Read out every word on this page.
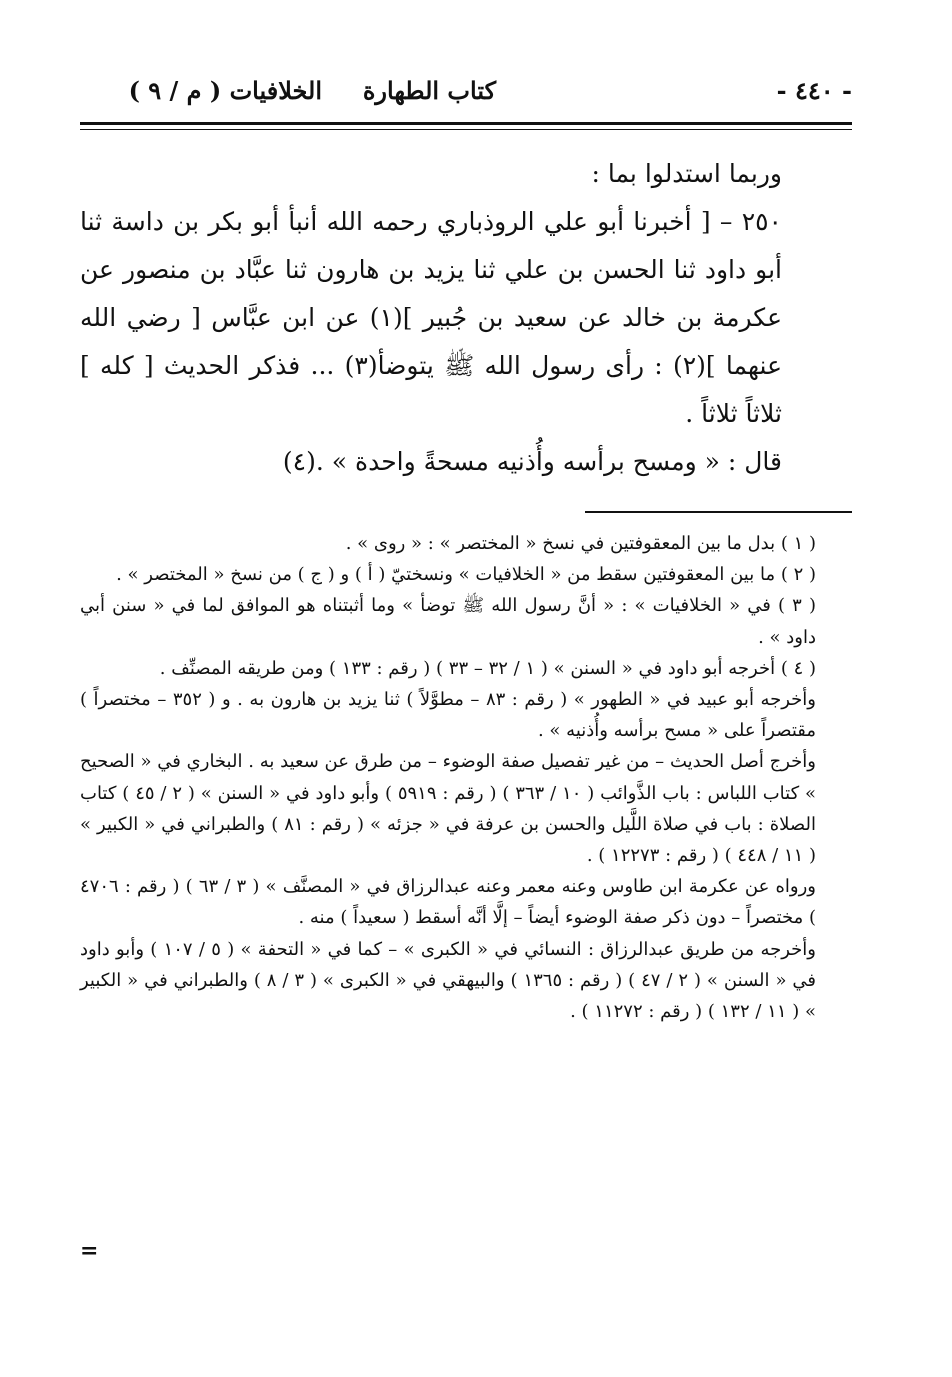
- ٤٤٠ -
كتاب الطهارة
الخلافيات ( م / ٩ )

وربما استدلوا بما :

٢٥٠ – [ أخبرنا أبو علي الروذباري رحمه الله أنبأ أبو بكر بن داسة ثنا أبو داود ثنا الحسن بن علي ثنا يزيد بن هارون ثنا عبَّاد بن منصور عن عكرمة بن خالد عن سعيد بن جُبير ](١) عن ابن عبَّاس [ رضي الله عنهما ](٢) : رأى رسول الله ﷺ يتوضأ(٣) ... فذكر الحديث [ كله ] ثلاثاً ثلاثاً .

قال : « ومسح برأسه وأُذنيه مسحةً واحدة » .(٤)

( ١ ) بدل ما بين المعقوفتين في نسخ « المختصر » : « روى » .

( ٢ ) ما بين المعقوفتين سقط من « الخلافيات » ونسختيّ ( أ ) و ( ج ) من نسخ « المختصر » .

( ٣ ) في « الخلافيات » : « أنَّ رسول الله ﷺ توضأ » وما أثبتناه هو الموافق لما في « سنن أبي داود » .

( ٤ ) أخرجه أبو داود في « السنن » ( ١ / ٣٢ – ٣٣ ) ( رقم : ١٣٣ ) ومن طريقه المصنِّف .

وأخرجه أبو عبيد في « الطهور » ( رقم : ٨٣ – مطوَّلاً ) ثنا يزيد بن هارون به . و ( ٣٥٢ – مختصراً ) مقتصراً على « مسح برأسه وأُذنيه » .

وأخرج أصل الحديث – من غير تفصيل صفة الوضوء – من طرق عن سعيد به . البخاري في « الصحيح » كتاب اللباس : باب الذَّوائب ( ١٠ / ٣٦٣ ) ( رقم : ٥٩١٩ ) وأبو داود في « السنن » ( ٢ / ٤٥ ) كتاب الصلاة : باب في صلاة اللَّيل والحسن بن عرفة في « جزئه » ( رقم : ٨١ ) والطبراني في « الكبير » ( ١١ / ٤٤٨ ) ( رقم : ١٢٢٧٣ ) .

ورواه عن عكرمة ابن طاوس وعنه معمر وعنه عبدالرزاق في « المصنَّف » ( ٣ / ٦٣ ) ( رقم : ٤٧٠٦ ) مختصراً – دون ذكر صفة الوضوء أيضاً – إلَّا أنَّه أسقط ( سعيداً ) منه .

وأخرجه من طريق عبدالرزاق : النسائي في « الكبرى » – كما في « التحفة » ( ٥ / ١٠٧ ) وأبو داود في « السنن » ( ٢ / ٤٧ ) ( رقم : ١٣٦٥ ) والبيهقي في « الكبرى » ( ٣ / ٨ ) والطبراني في « الكبير » ( ١١ / ١٣٢ ) ( رقم : ١١٢٧٢ ) .

=
